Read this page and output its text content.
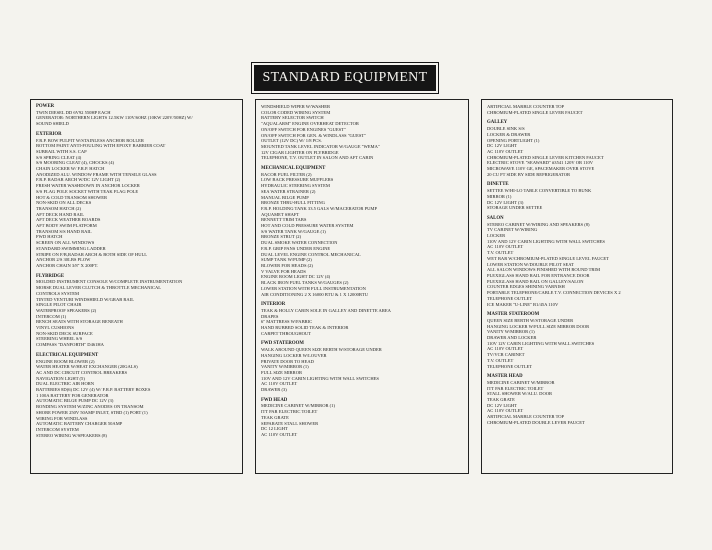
STANDARD EQUIPMENT
POWER
TWIN DIESEL DD 6V92 550HP EACH
GENERATOR: NORTHERN LIGHTS 12.5KW 110V/60HZ (10KW 220V/50HZ) W/
SOUND SHIELD
EXTERIOR
F.R.P. BOW PULPIT W/STAINLESS ANCHOR ROLLER
BOTTOM PAINT ANTI-FOULING WITH EPOXY BARRIER COAT
SUBRAIL WITH S.S. CAP
S/S SPRING CLEAT (4)
S/S MOORING CLEAT (4), CHOCKS (4)
CHAIN LOCKER W/ F.R.P. HATCH
ANODIZED ALU. WINDOW FRAME WITH TENSILE GLASS
F.R.P. RADAR ARCH W/DC 12V LIGHT (2)
FRESH WATER WASHDOWN IN ANCHOR LOCKER
S/S FLAG POLE SOCKET WITH TEAK FLAG POLE
HOT & COLD TRANSOM SHOWER
NON-SKID ON ALL DECKS
TRANSOM HATCH (2)
AFT DECK HAND RAIL
AFT DECK WEATHER BOARDS
AFT BODY SWIM PLATFORM
TRANSOM S/S HAND RAIL
FWD HATCH
SCREEN ON ALL WINDOWS
STANDARD SWIMMING LADDER
STRIPE ON F/B,RADAR ARCH & BOTH SIDE OF HULL
ANCHOR 2/S 30LBS PLOW
ANCHOR CHAIN 3/8" X 200FT.
FLYBRIDGE
MOLDED INSTRUMENT CONSOLE W/COMPLETE INSTRUMENTATION
MORSE DUAL LEVER CLUTCH & THROTTLE MECHANICAL
CONTROLS SYSTEM
TINTED VENTURI WINDSHIELD W/GRAB RAIL
SINGLE PILOT CHAIR
WATERPROOF SPEAKERS (2)
INTERCOM (1)
BENCH SEATS WITH STORAGE BENEATH
VINYL CUSHIONS
NON-SKID DECK SURFACE
STEERING WHEEL S/S
COMPASS "DANFORTH" D461HA
ELECTRICAL EQUIPMENT
ENGINE ROOM BLOWER (2)
WATER HEATER W/HEAT EXCHANGER (20GALS)
AC AND DC CIRCUIT CONTROL BREAKERS
NAVIGATION LIGHT (5)
DUAL ELECTRIC AIR HORN
BATTERIES 8D(6) DC 12V (4) W/ F.R.P. BATTERY BOXES
1 100A BATTERY FOR GENERATOR
AUTOMATIC BILGE PUMP DC 12V (3)
BONDING SYSTEM W/ZINC ANODES ON TRANSOM
SHORE POWER 250V 50AMP INLET, STBD (1) PORT (1)
WIRING FOR WINDLASS
AUTOMATIC BATTERY CHARGER 50AMP
INTERCOM SYSTEM
STEREO WIRING W/SPEAKERS (8)
WINDSHIELD WIPER W/WASHER
COLOR CODED WIRING SYSTEM
BATTERY SELECTOR SWITCH
"AQUALARM" ENGINE OVERHEAT DETECTOR
ON/OFF SWITCH FOR ENGINES "GUEST"
ON/OFF SWITCH FOR GEN. & WINDLASS "GUEST"
OUTLET (12V DC) W/ 1/8 PCS.
MOUNTED TANK LEVEL INDICATOR W/GAUGE "WEMA"
12V CIGAR LIGHTER ON FLYBRIDGE
TELEPHONE, T.V. OUTLET IN SALON AND AFT CABIN
MECHANICAL EQUIPMENT
RACOR FUEL FILTER (2)
LOW BACK PRESSURE MUFFLERS
HYDRAULIC STEERING SYSTEM
SEA WATER STRAINER (2)
MANUAL BILGE PUMP
BRONZE THRU-HULL FITTING
F.R.P. HOLDING TANK 33.5 GALS W/MACERATOR PUMP
AQUAMET SHAFT
BENNETT TRIM TABS
HOT AND COLD PRESSURE WATER SYSTEM
S/S WATER TANK W/GAUGE (1)
BRONZE STRUT (2)
DUAL SMOKE WATER CONNECTION
F.R.P. GRIP PANS UNDER ENGINE
DUAL LEVEL ENGINE CONTROL MECHANICAL
SUMP TANK W/PUMP (2)
BLOWER FOR HEADS (2)
V VALVE FOR HEADS
ENGINE ROOM LIGHT DC 12V (4)
BLACK IRON FUEL TANKS W/GAUGES (2)
LOWER STATION WITH FULL INSTRUMENTATION
AIR CONDITIONING 2 X 16000 BTU & 1 X 12000BTU
INTERIOR
TEAK & HOLLY CABIN SOLE IN GALLEY AND DINETTE AREA
DRAPES
6" MATTRESS W/FABRIC
HAND RUBBED SOLID TEAK & INTERIOR
CARPET THROUGHOUT
FWD STATEROOM
WALK AROUND QUEEN SIZE BERTH W/STORAGE UNDER
HANGING LOCKER W/LOUVER
PRIVATE DOOR TO HEAD
VANITY W/MIRROR (1)
FULL SIZE MIRROR
110V AND 12V CABIN LIGHTING WITH WALL SWITCHES
AC 110V OUTLET
DRAWER (3)
FWD HEAD
MEDICINE CABINET W/MIRROR (1)
ITT PAR ELECTRIC TOILET
TEAK GRATE
SEPARATE STALL SHOWER
DC 12 LIGHT
AC 110V OUTLET
ARTIFICIAL MARBLE COUNTER TOP
CHROMIUM-PLATED SINGLE LEVER FAUCET
GALLEY
DOUBLE SINK S/S
LOCKER & DRAWER
OPENING PORTLIGHT (1)
DC 12V LIGHT
AC 110V OUTLET
CHROMIUM-PLATED SINGLE LEVER KITCHEN FAUCET
ELECTRIC STOVE "SEAWARD" #3541 120V OR 110V
MICROWAVE 110V GE, SPACEMAKER OVER STOVE
20 CU FT SIDE BY SIDE REFRIGERATOR
DINETTE
SETTEE W/HI-LO TABLE CONVERTIBLE TO BUNK
MIRROR (1)
DC 12V LIGHT (3)
STORAGE UNDER SETTEE
SALON
STEREO CABINET W/WIRING AND SPEAKERS (8)
TV CABINET W/WIRING
LOCKER
110V AND 12V CABIN LIGHTING WITH WALL SWITCHES
AC 110V OUTLET
T.V. OUTLET
WET BAR W/CHROMIUM-PLATED SINGLE LEVEL FAUCET
LOWER STATION W/DOUBLE PILOT SEAT
ALL SALON WINDOWS FINISHED WITH ROUND TRIM
PLEXIGLASS HAND RAIL FOR ENTRANCE DOOR
PLEXIGLASS HAND RAIL ON GALLEY/SALON
COUNTER EDGES SHINING VARNISH
PORTABLE TELEPHONE/CABLE T.V. CONNECTION DEVICES X 2
TELEPHONE OUTLET
ICE MAKER "U-LINE" B1/45A 110V
MASTER STATEROOM
QUEEN SIZE BERTH W/STORAGE UNDER
HANGING LOCKER W/FULL SIZE MIRROR DOOR
VANITY W/MIRROR (1)
DRAWER AND LOCKER
110V 12V CABIN LIGHTING WITH WALL SWITCHES
AC 110V OUTLET
TV/VCR CABINET
T.V. OUTLET
TELEPHONE OUTLET
MASTER HEAD
MEDICINE CABINET W/MIRROR
ITT PAR ELECTRIC TOILET
STALL SHOWER W/ALU. DOOR
TEAK GRATE
DC 12V LIGHT
AC 110V OUTLET
ARTIFICIAL MARBLE COUNTER TOP
CHROMIUM-PLATED DOUBLE LEVER FAUCET
